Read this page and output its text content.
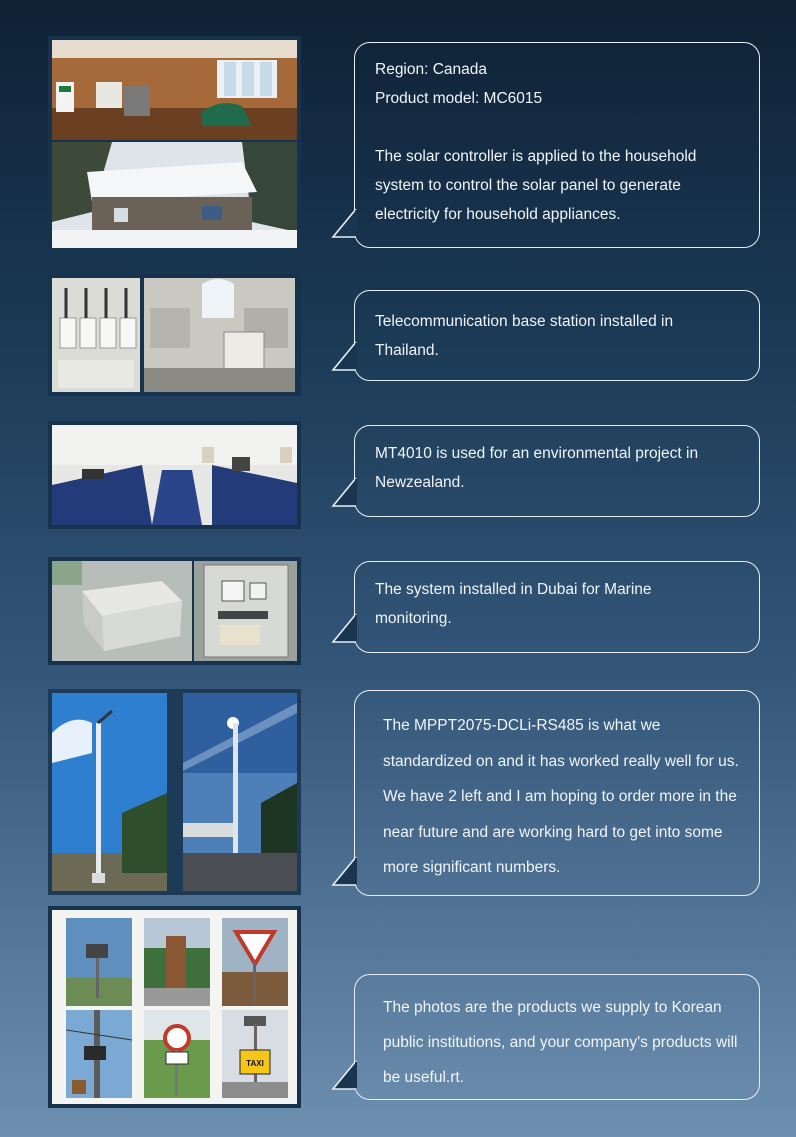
Region: Canada

Product model: MC6015

The solar controller is applied to the household system to control the solar panel to generate electricity for household appliances.

Telecommunication base station installed in Thailand.

MT4010 is used for an environmental project in Newzealand.

The system installed in Dubai for Marine monitoring.

The MPPT2075-DCLi-RS485 is what we standardized on and it has worked really well for us. We have 2 left and I am hoping to order more in the near future and are working hard to get into some more significant numbers.

TAXI

The photos are the products we supply to Korean public institutions, and your company's products will be useful.rt.
